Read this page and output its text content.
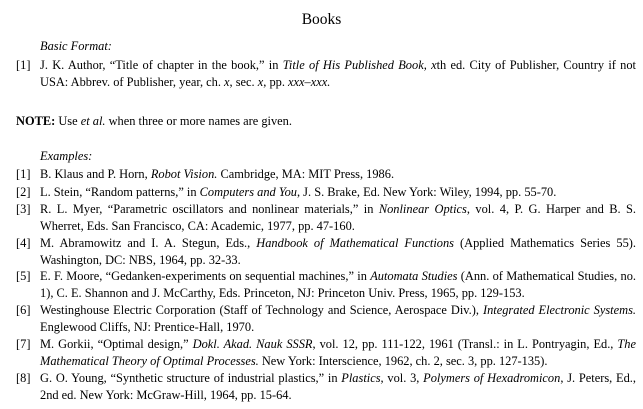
Books
Basic Format:
[1] J. K. Author, “Title of chapter in the book,” in Title of His Published Book, xth ed. City of Publisher, Country if not USA: Abbrev. of Publisher, year, ch. x, sec. x, pp. xxx–xxx.
NOTE: Use et al. when three or more names are given.
Examples:
[1] B. Klaus and P. Horn, Robot Vision. Cambridge, MA: MIT Press, 1986.
[2] L. Stein, “Random patterns,” in Computers and You, J. S. Brake, Ed. New York: Wiley, 1994, pp. 55-70.
[3] R. L. Myer, “Parametric oscillators and nonlinear materials,” in Nonlinear Optics, vol. 4, P. G. Harper and B. S. Wherret, Eds. San Francisco, CA: Academic, 1977, pp. 47-160.
[4] M. Abramowitz and I. A. Stegun, Eds., Handbook of Mathematical Functions (Applied Mathematics Series 55). Washington, DC: NBS, 1964, pp. 32-33.
[5] E. F. Moore, “Gedanken-experiments on sequential machines,” in Automata Studies (Ann. of Mathematical Studies, no. 1), C. E. Shannon and J. McCarthy, Eds. Princeton, NJ: Princeton Univ. Press, 1965, pp. 129-153.
[6] Westinghouse Electric Corporation (Staff of Technology and Science, Aerospace Div.), Integrated Electronic Systems. Englewood Cliffs, NJ: Prentice-Hall, 1970.
[7] M. Gorkii, “Optimal design,” Dokl. Akad. Nauk SSSR, vol. 12, pp. 111-122, 1961 (Transl.: in L. Pontryagin, Ed., The Mathematical Theory of Optimal Processes. New York: Interscience, 1962, ch. 2, sec. 3, pp. 127-135).
[8] G. O. Young, “Synthetic structure of industrial plastics,” in Plastics, vol. 3, Polymers of Hexadromicon, J. Peters, Ed., 2nd ed. New York: McGraw-Hill, 1964, pp. 15-64.
